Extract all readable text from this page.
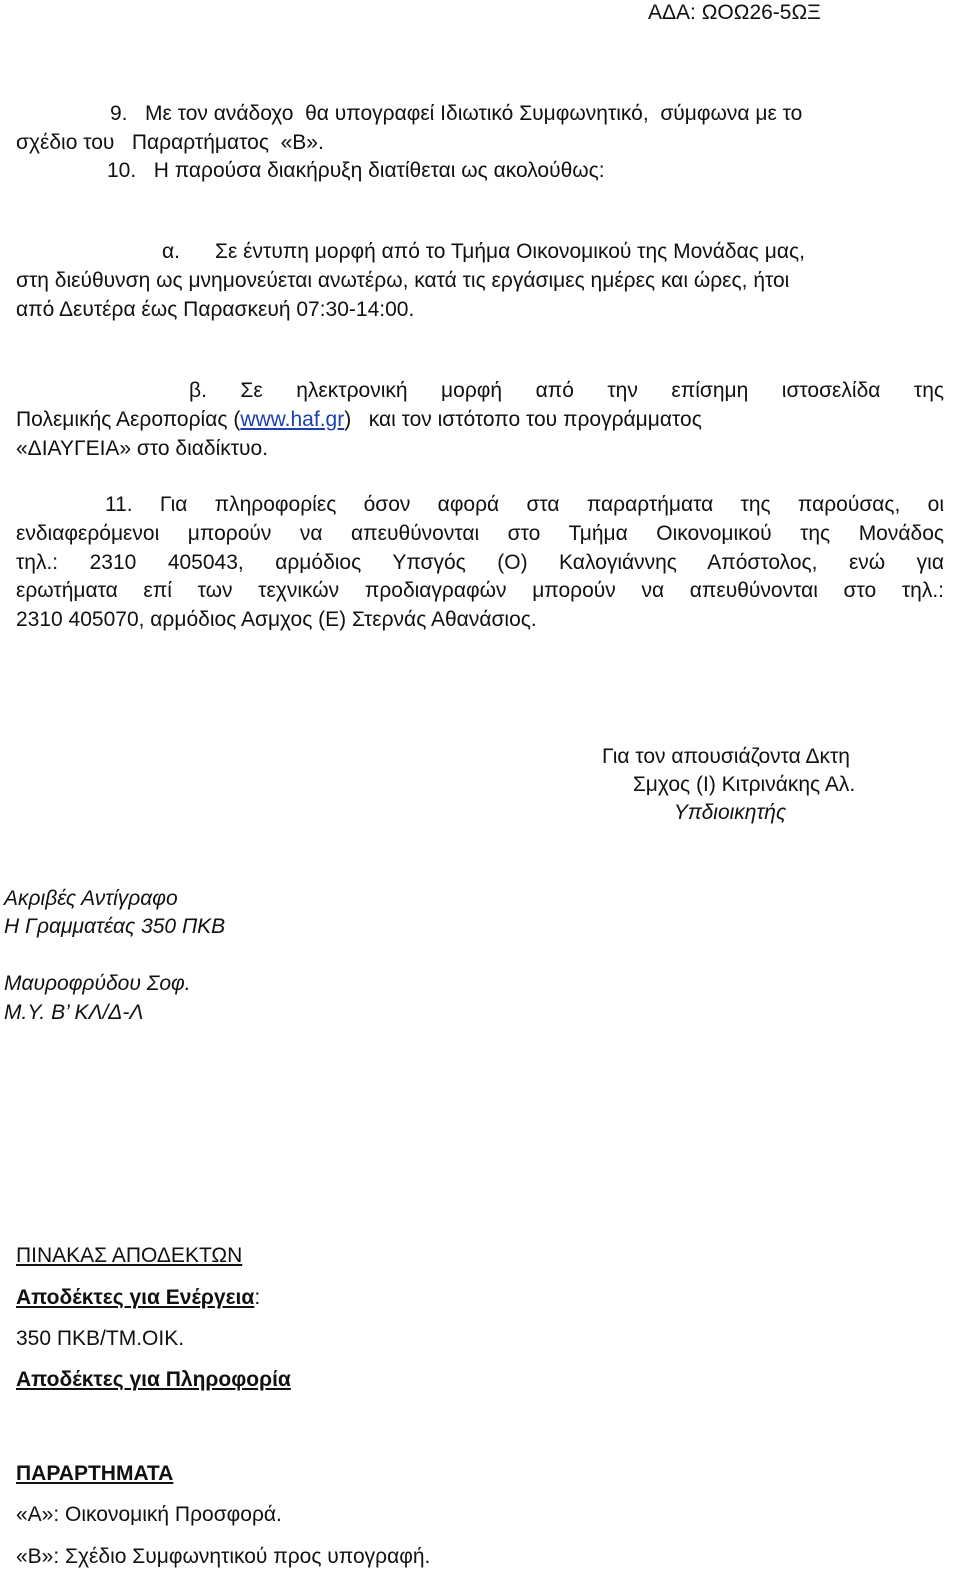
ΑΔΑ: ΩΟΩ26-5ΩΞ
9.   Με τον ανάδοχο  θα υπογραφεί Ιδιωτικό Συμφωνητικό,  σύμφωνα με το
σχέδιο του   Παραρτήματος  «Β».
10.   Η παρούσα διακήρυξη διατίθεται ως ακολούθως:
α.      Σε έντυπη μορφή από το Τμήμα Οικονομικού της Μονάδας μας,
στη διεύθυνση ως μνημονεύεται ανωτέρω, κατά τις εργάσιμες ημέρες και ώρες, ήτοι
από Δευτέρα έως Παρασκευή 07:30-14:00.
β. Σε ηλεκτρονική μορφή από την επίσημη ιστοσελίδα της
Πολεμικής Αεροπορίας (www.haf.gr)   και τον ιστότοπο του προγράμματος
«ΔΙΑΥΓΕΙΑ» στο διαδίκτυο.
11. Για πληροφορίες όσον αφορά στα παραρτήματα της παρούσας, οι
ενδιαφερόμενοι μπορούν να απευθύνονται στο Τμήμα Οικονομικού της Μονάδος
τηλ.: 2310 405043, αρμόδιος Υπσγός (Ο) Καλογιάννης Απόστολος, ενώ για
ερωτήματα επί των τεχνικών προδιαγραφών μπορούν να απευθύνονται στο τηλ.:
2310 405070, αρμόδιος Ασμχος (Ε) Στερνάς Αθανάσιος.
Για τον απουσιάζοντα Δκτη
Σμχος (Ι) Κιτρινάκης Αλ.
Υπδιοικητής
Ακριβές Αντίγραφο
Η Γραμματέας 350 ΠΚΒ
Μαυροφρύδου Σοφ.
Μ.Υ. Β’ ΚΛ/Δ-Λ
ΠΙΝΑΚΑΣ ΑΠΟΔΕΚΤΩΝ
Αποδέκτες για Ενέργεια:
350 ΠΚΒ/ΤΜ.ΟΙΚ.
Αποδέκτες για Πληροφορία
ΠΑΡΑΡΤΗΜΑΤΑ
«Α»: Οικονομική Προσφορά.
«Β»: Σχέδιο Συμφωνητικού προς υπογραφή.
